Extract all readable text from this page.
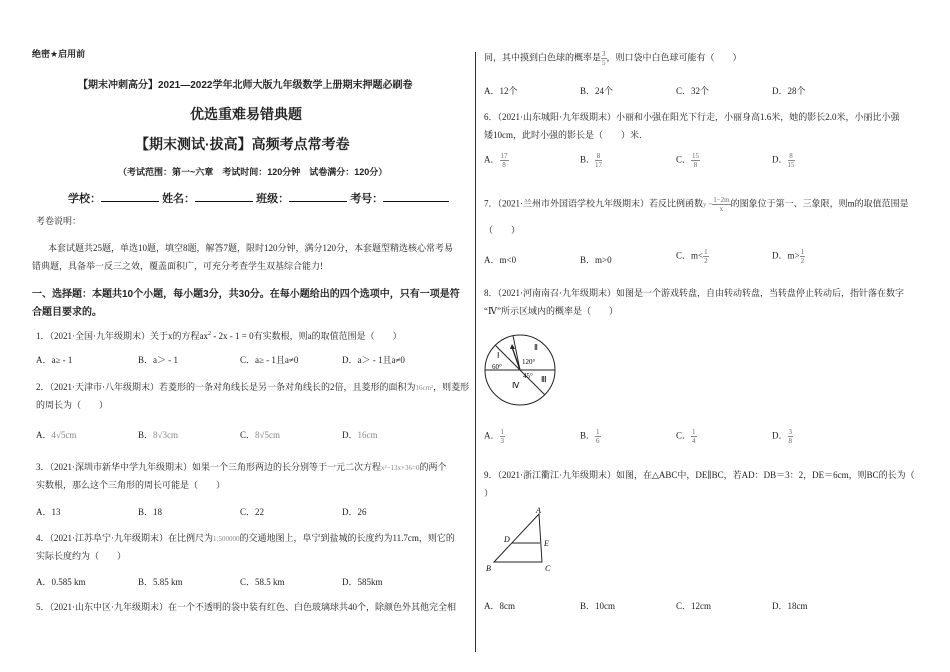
绝密★启用前
【期末冲刺高分】2021—2022学年北师大版九年级数学上册期末押题必刷卷
优选重难易错典题
【期末测试·拔高】高频考点常考卷
（考试范围：第一~六章　考试时间：120分钟　试卷满分：120分）
学校：	姓名：	班级：	考号：
考卷说明：
本套试题共25题，单选10题，填空8题，解答7题，限时120分钟，满分120分，本套题型精选核心常考易
错典题，具备举一反三之效，覆盖面积广，可充分考查学生双基综合能力!
一、选择题：本题共10个小题，每小题3分，共30分。在每小题给出的四个选项中，只有一项是符
合题目要求的。
1．（2021·全国·九年级期末）关于x的方程$ax^2 - 2x - 1 = 0$有实数根，则a的取值范围是（　　）
A．a≥ - 1	B．a＞ - 1	C．a≥ - 1且a≠0	D．a＞ - 1且a≠0
2．（2021·天津市·八年级期末）若菱形的一条对角线长是另一条对角线长的2倍，且菱形的面积为16cm²，则菱形
的周长为（　　）
A．4√5cm	B．8√3cm	C．8√5cm	D．16cm
3．（2021·深圳市新华中学九年级期末）如果一个三角形两边的长分别等于一元二次方程x²−13x+36=0的两个
实数根，那么这个三角形的周长可能是（　　）
A．13	B．18	C．22	D．26
4．（2021·江苏阜宁·九年级期末）在比例尺为1:500000的交通地图上，阜宁到盐城的长度约为11.7cm，则它的
实际长度约为（　　）
A．0.585 km	B．5.85 km	C．58.5 km	D．585km
5．（2021·山东中区·九年级期末）在一个不透明的袋中装有红色、白色玻璃球共40个，除颜色外其他完全相
同，其中摸到白色球的概率是 $\frac{3}{5}$ ，则口袋中白色球可能有（　　）
A．12个	B．24个	C．32个	D．28个
6．（2021·山东城阳·九年级期末）小丽和小强在阳光下行走，小丽身高1.6米，她的影长2.0米，小丽比小强
矮10cm，此时小强的影长是（　　）米．
A． $\frac{17}{8}$	B． $\frac{8}{17}$	C． $\frac{15}{8}$	D． $\frac{8}{15}$
7．（2021·兰州市外国语学校九年级期末）若反比例函数$y = \frac{1-2m}{x}$ 的图象位于第一、三象限，则m的取值范围是
（　　）
A．m<0	B．m>0	C．$m< \frac{1}{2}$	D．$m> \frac{1}{2}$
8．（2021·河南南召·九年级期末）如图是一个游戏转盘，自由转动转盘，当转盘停止转动后，指针落在数字
“Ⅳ”所示区域内的概率是（　　）
Ⅰ
Ⅱ
Ⅲ
Ⅳ
120°
60°
45°
A． $\frac{1}{3}$	B． $\frac{1}{6}$	C． $\frac{1}{4}$	D． $\frac{3}{8}$
9．（2021·浙江衢江·九年级期末）如图，在△ABC中，DE∥BC，若AD：DB＝3：2，DE＝6cm，则BC的长为（
）
A
B	C
D	E
A．8cm	B．10cm	C．12cm	D．18cm
